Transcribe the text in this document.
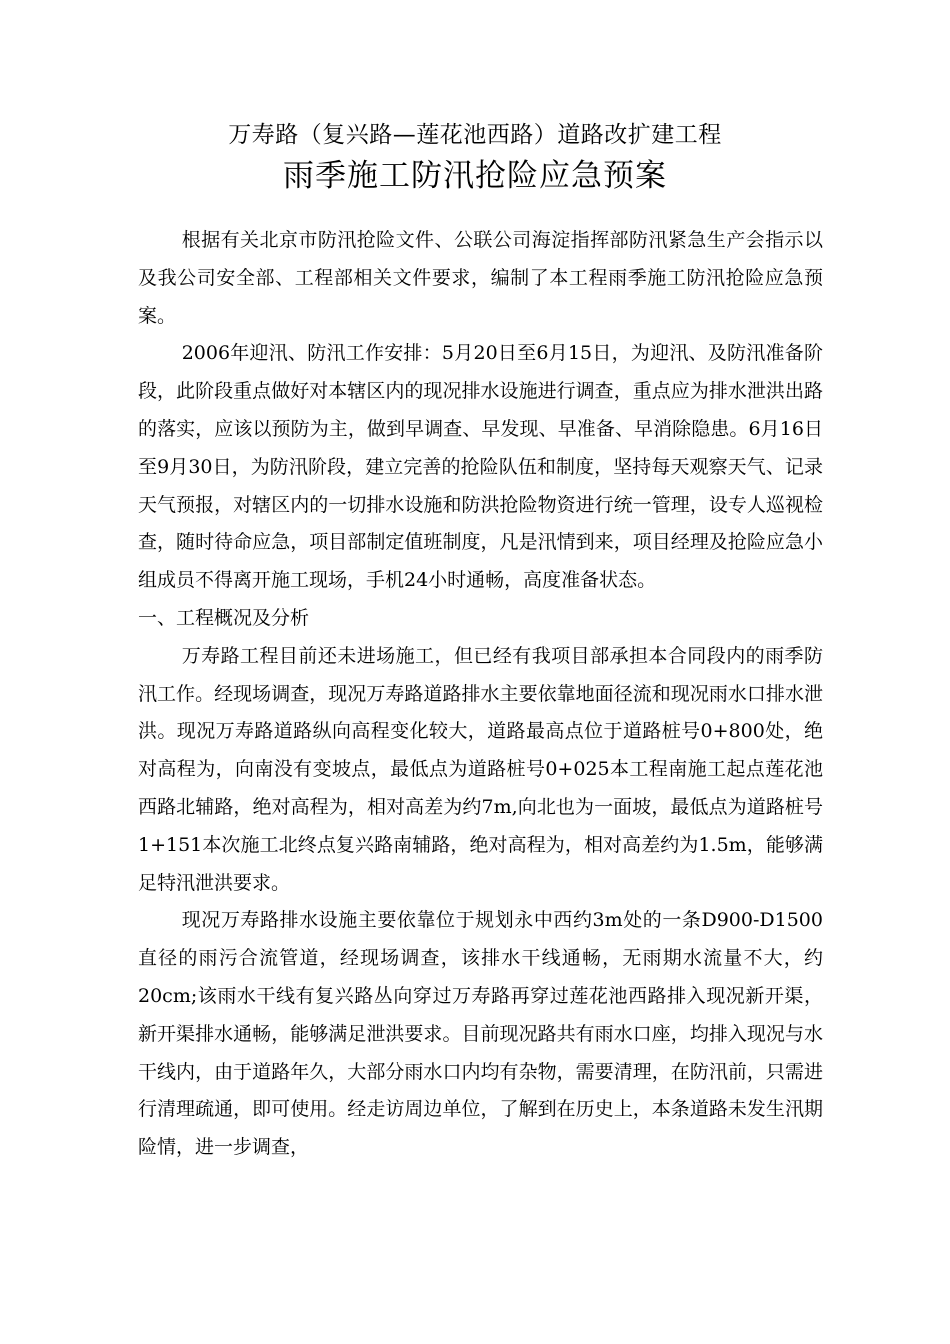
万寿路（复兴路—莲花池西路）道路改扩建工程
雨季施工防汛抢险应急预案

根据有关北京市防汛抢险文件、公联公司海淀指挥部防汛紧急生产会指示以及我公司安全部、工程部相关文件要求，编制了本工程雨季施工防汛抢险应急预案。

2006年迎汛、防汛工作安排：5月20日至6月15日，为迎汛、及防汛准备阶段，此阶段重点做好对本辖区内的现况排水设施进行调查，重点应为排水泄洪出路的落实，应该以预防为主，做到早调查、早发现、早准备、早消除隐患。6月16日至9月30日，为防汛阶段，建立完善的抢险队伍和制度，坚持每天观察天气、记录天气预报，对辖区内的一切排水设施和防洪抢险物资进行统一管理，设专人巡视检查，随时待命应急，项目部制定值班制度，凡是汛情到来，项目经理及抢险应急小组成员不得离开施工现场，手机24小时通畅，高度准备状态。

一、工程概况及分析

万寿路工程目前还未进场施工，但已经有我项目部承担本合同段内的雨季防汛工作。经现场调查，现况万寿路道路排水主要依靠地面径流和现况雨水口排水泄洪。现况万寿路道路纵向高程变化较大，道路最高点位于道路桩号0+800处，绝对高程为，向南没有变坡点，最低点为道路桩号0+025本工程南施工起点莲花池西路北辅路，绝对高程为，相对高差为约7m,向北也为一面坡，最低点为道路桩号1+151本次施工北终点复兴路南辅路，绝对高程为，相对高差约为1.5m，能够满足特汛泄洪要求。

现况万寿路排水设施主要依靠位于规划永中西约3m处的一条D900-D1500直径的雨污合流管道，经现场调查，该排水干线通畅，无雨期水流量不大，约20cm;该雨水干线有复兴路丛向穿过万寿路再穿过莲花池西路排入现况新开渠，新开渠排水通畅，能够满足泄洪要求。目前现况路共有雨水口座，均排入现况与水干线内，由于道路年久，大部分雨水口内均有杂物，需要清理，在防汛前，只需进行清理疏通，即可使用。经走访周边单位，了解到在历史上，本条道路未发生汛期险情，进一步调查，
